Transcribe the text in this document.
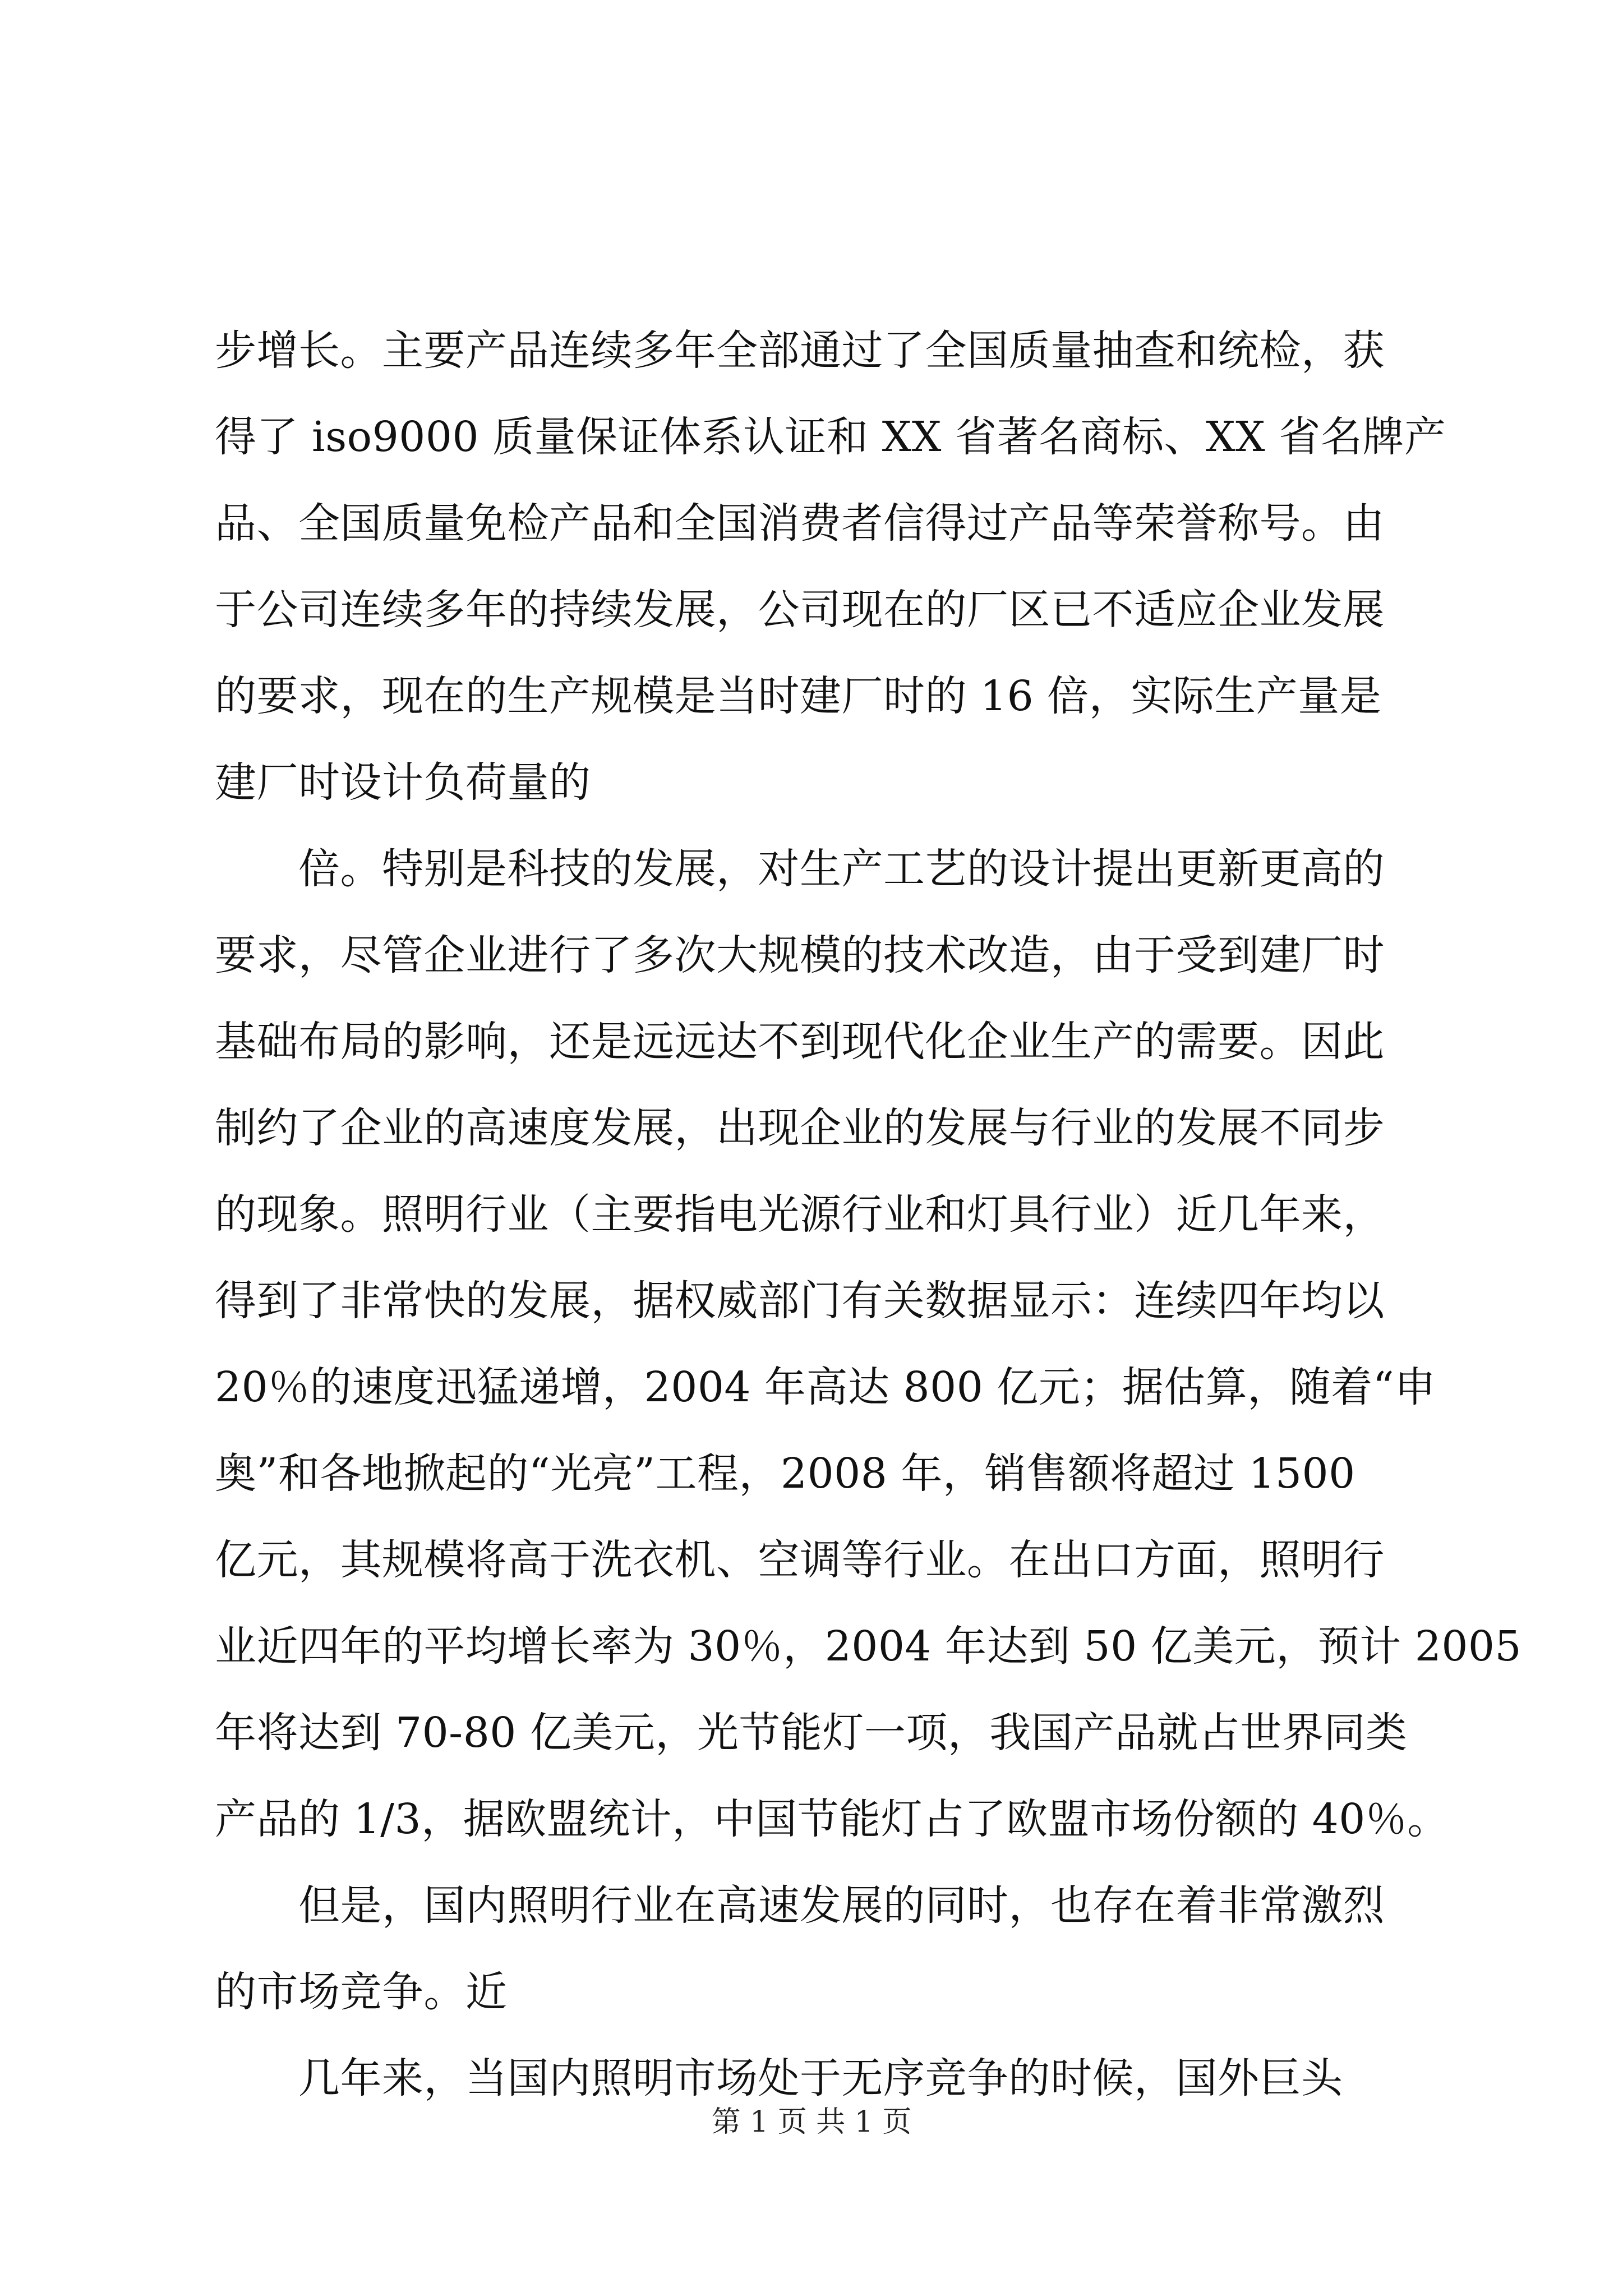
步增长。主要产品连续多年全部通过了全国质量抽查和统检，获
得了 iso9000 质量保证体系认证和 XX 省著名商标、XX 省名牌产
品、全国质量免检产品和全国消费者信得过产品等荣誉称号。由
于公司连续多年的持续发展，公司现在的厂区已不适应企业发展
的要求，现在的生产规模是当时建厂时的 16 倍，实际生产量是
建厂时设计负荷量的
　　倍。特别是科技的发展，对生产工艺的设计提出更新更高的
要求，尽管企业进行了多次大规模的技术改造，由于受到建厂时
基础布局的影响，还是远远达不到现代化企业生产的需要。因此
制约了企业的高速度发展，出现企业的发展与行业的发展不同步
的现象。照明行业（主要指电光源行业和灯具行业）近几年来，
得到了非常快的发展，据权威部门有关数据显示：连续四年均以
20％的速度迅猛递增，2004 年高达 800 亿元；据估算，随着“申
奥”和各地掀起的“光亮”工程，2008 年，销售额将超过 1500
亿元，其规模将高于洗衣机、空调等行业。在出口方面，照明行
业近四年的平均增长率为 30％，2004 年达到 50 亿美元，预计 2005
年将达到 70-80 亿美元，光节能灯一项，我国产品就占世界同类
产品的 1/3，据欧盟统计，中国节能灯占了欧盟市场份额的 40％。
　　但是，国内照明行业在高速发展的同时，也存在着非常激烈
的市场竞争。近
　　几年来，当国内照明市场处于无序竞争的时候，国外巨头
第 1 页 共 1 页
